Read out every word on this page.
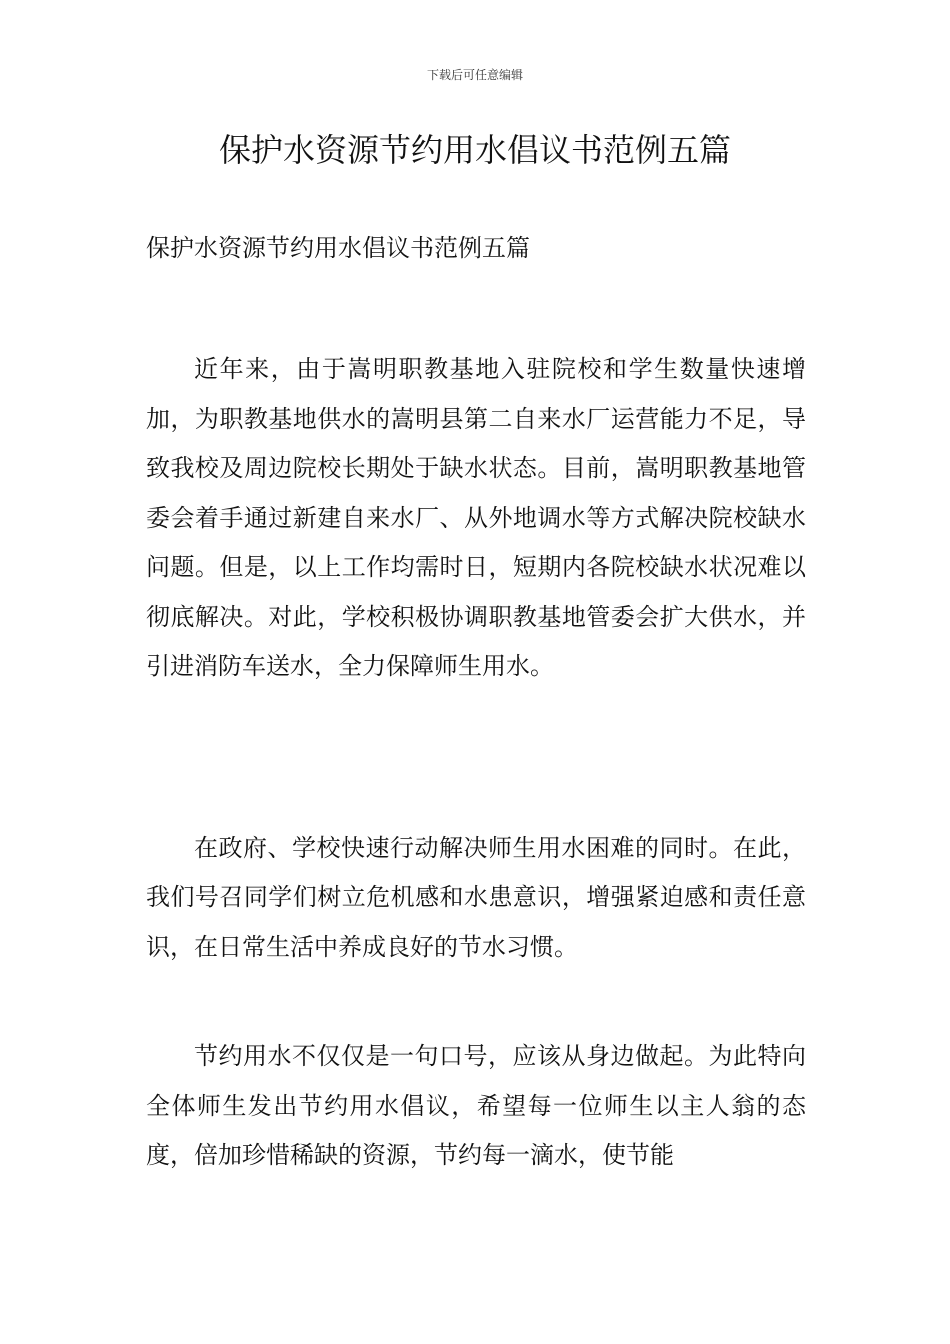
下载后可任意编辑
保护水资源节约用水倡议书范例五篇

保护水资源节约用水倡议书范例五篇

近年来，由于嵩明职教基地入驻院校和学生数量快速增加，为职教基地供水的嵩明县第二自来水厂运营能力不足，导致我校及周边院校长期处于缺水状态。目前，嵩明职教基地管委会着手通过新建自来水厂、从外地调水等方式解决院校缺水问题。但是，以上工作均需时日，短期内各院校缺水状况难以彻底解决。对此，学校积极协调职教基地管委会扩大供水，并引进消防车送水，全力保障师生用水。

在政府、学校快速行动解决师生用水困难的同时。在此，我们号召同学们树立危机感和水患意识，增强紧迫感和责任意识，在日常生活中养成良好的节水习惯。

节约用水不仅仅是一句口号，应该从身边做起。为此特向全体师生发出节约用水倡议，希望每一位师生以主人翁的态度，倍加珍惜稀缺的资源，节约每一滴水，使节能
